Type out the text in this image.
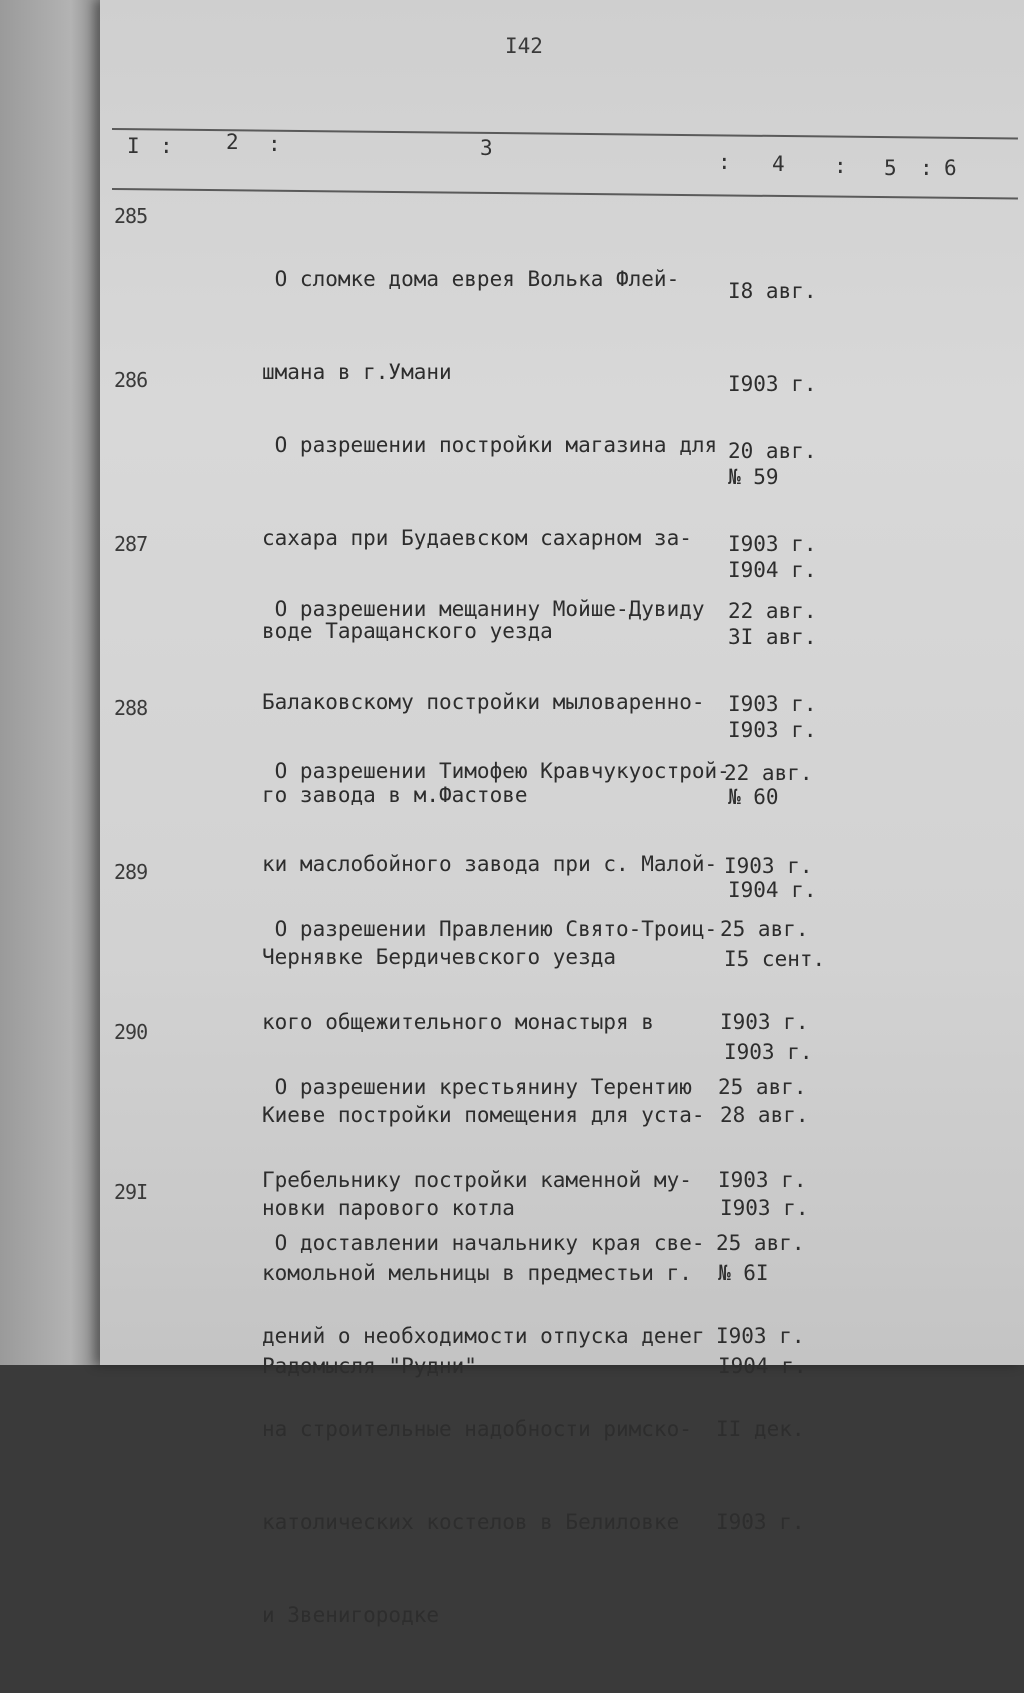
I42
I :	2 :	3
: 4 : 5 : 6
285

О сломке дома еврея Волька Флей-

шмана в г.Умани

I8 авг.

I903 г.

№ 59

I904 г.

286

О разрешении постройки магазина для

сахара при Будаевском сахарном за-

воде Таращанского уезда

20 авг.

I903 г.

3I авг.

I903 г.

287

О разрешении мещанину Мойше-Дувиду

Балаковскому постройки мыловаренно-

го завода в м.Фастове

22 авг.

I903 г.

№ 60

I904 г.

288

О разрешении Тимофею Кравчукуострой-

ки маслобойного завода при с. Малой-

Чернявке Бердичевского уезда

22 авг.

I903 г.

I5 сент.

I903 г.

289

О разрешении Правлению Свято-Троиц-

кого общежительного монастыря в

Киеве постройки помещения для уста-

новки парового котла

25 авг.

I903 г.

28 авг.

I903 г.

290

О разрешении крестьянину Терентию

Гребельнику постройки каменной му-

комольной мельницы в предместьи г.

Радомысля "Рудни"

25 авг.

I903 г.

№ 6I

I904 г.

29I

О доставлении начальнику края све-

дений о необходимости отпуска денег

на строительные надобности римско-

католических костелов в Белиловке

и Звенигородке

25 авг.

I903 г.

II дек.

I903 г.
